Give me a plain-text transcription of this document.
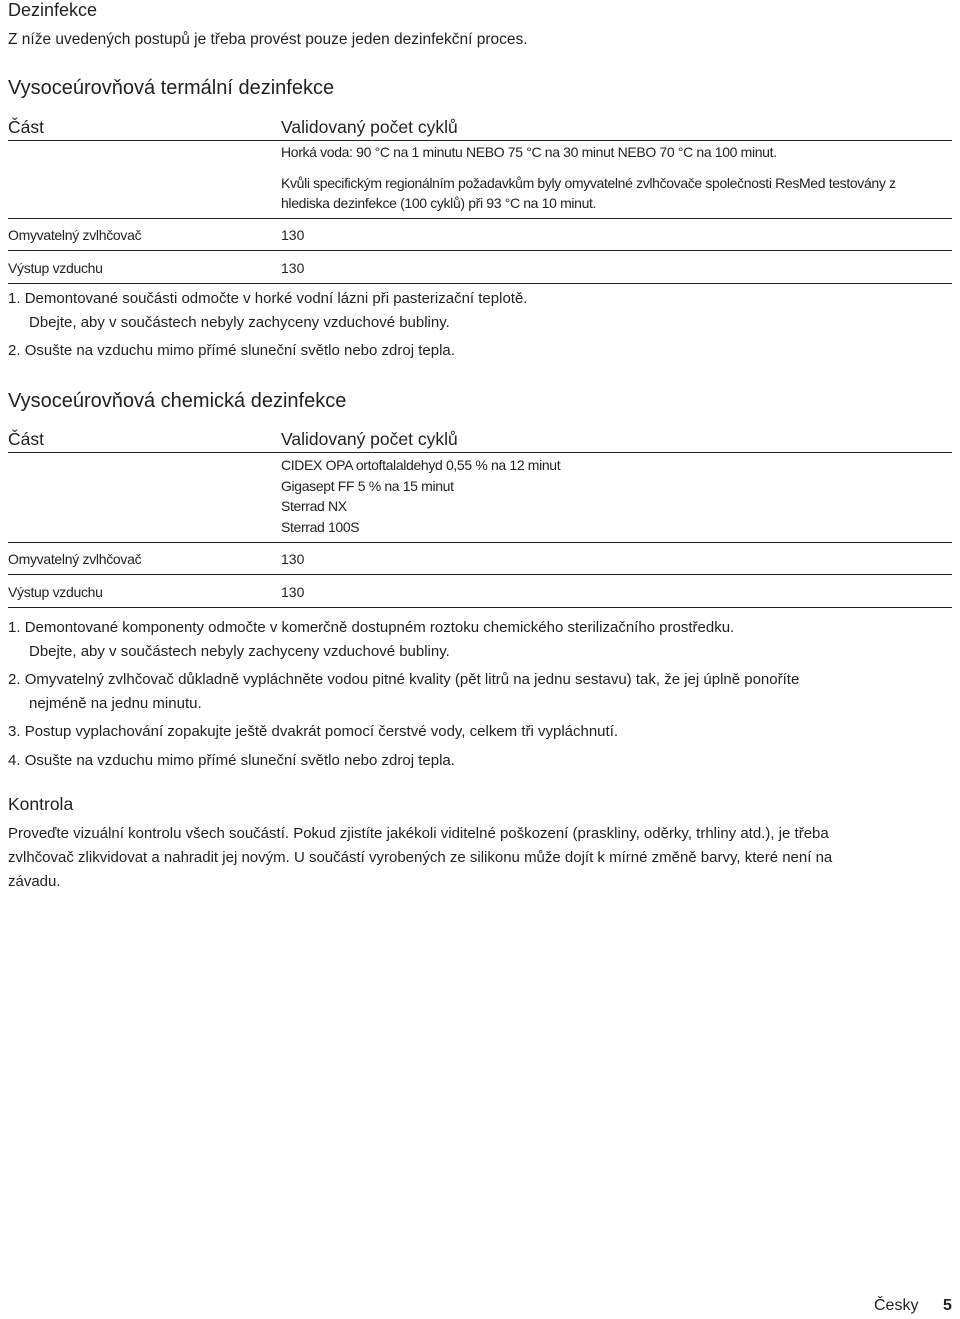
Dezinfekce
Z níže uvedených postupů je třeba provést pouze jeden dezinfekční proces.
Vysoceúrovňová termální dezinfekce
Část	Validovaný počet cyklů
Horká voda: 90 °C na 1 minutu NEBO 75 °C na 30 minut NEBO 70 °C na 100 minut.
Kvůli specifickým regionálním požadavkům byly omyvatelné zvlhčovače společnosti ResMed testovány z
hlediska dezinfekce (100 cyklů) při 93 °C na 10 minut.
Omyvatelný zvlhčovač	130
Výstup vzduchu	130
1. Demontované součásti odmočte v horké vodní lázni při pasterizační teplotě.
Dbejte, aby v součástech nebyly zachyceny vzduchové bubliny.
2. Osušte na vzduchu mimo přímé sluneční světlo nebo zdroj tepla.
Vysoceúrovňová chemická dezinfekce
Část	Validovaný počet cyklů
CIDEX OPA ortoftalaldehyd 0,55 % na 12 minut
Gigasept FF 5 % na 15 minut
Sterrad NX
Sterrad 100S
Omyvatelný zvlhčovač	130
Výstup vzduchu	130
1. Demontované komponenty odmočte v komerčně dostupném roztoku chemického sterilizačního prostředku.
Dbejte, aby v součástech nebyly zachyceny vzduchové bubliny.
2. Omyvatelný zvlhčovač důkladně vypláchněte vodou pitné kvality (pět litrů na jednu sestavu) tak, že jej úplně ponoříte
nejméně na jednu minutu.
3. Postup vyplachování zopakujte ještě dvakrát pomocí čerstvé vody, celkem tři vypláchnutí.
4. Osušte na vzduchu mimo přímé sluneční světlo nebo zdroj tepla.
Kontrola
Proveďte vizuální kontrolu všech součástí. Pokud zjistíte jakékoli viditelné poškození (praskliny, oděrky, trhliny atd.), je třeba
zvlhčovač zlikvidovat a nahradit jej novým. U součástí vyrobených ze silikonu může dojít k mírné změně barvy, které není na
závadu.
Česky 5
